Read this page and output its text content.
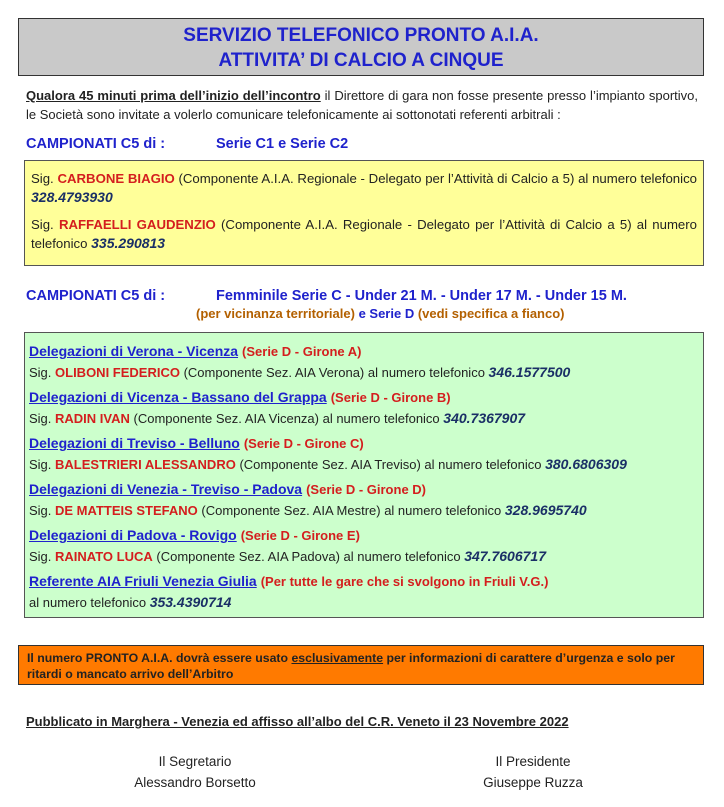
SERVIZIO TELEFONICO PRONTO A.I.A.
ATTIVITA’ DI CALCIO A CINQUE
Qualora 45 minuti prima dell’inizio dell’incontro il Direttore di gara non fosse presente presso l’impianto sportivo, le Società sono invitate a volerlo comunicare telefonicamente ai sottonotati referenti arbitrali :
CAMPIONATI C5 di :	Serie C1 e Serie C2

Sig. CARBONE BIAGIO (Componente A.I.A. Regionale - Delegato per l’Attività di Calcio a 5) al numero telefonico 328.4793930

Sig. RAFFAELLI GAUDENZIO (Componente A.I.A. Regionale - Delegato per l’Attività di Calcio a 5) al numero telefonico 335.290813

CAMPIONATI C5 di :	Femminile Serie C - Under 21 M. - Under 17 M. - Under 15 M.
(per vicinanza territoriale) e Serie D (vedi specifica a fianco)
Delegazioni di Verona - Vicenza (Serie D - Girone A)
Sig. OLIBONI FEDERICO (Componente Sez. AIA Verona) al numero telefonico 346.1577500
Delegazioni di Vicenza - Bassano del Grappa (Serie D - Girone B)
Sig. RADIN IVAN (Componente Sez. AIA Vicenza) al numero telefonico 340.7367907
Delegazioni di Treviso - Belluno (Serie D - Girone C)
Sig. BALESTRIERI ALESSANDRO (Componente Sez. AIA Treviso) al numero telefonico 380.6806309
Delegazioni di Venezia - Treviso - Padova (Serie D - Girone D)
Sig. DE MATTEIS STEFANO (Componente Sez. AIA Mestre) al numero telefonico 328.9695740
Delegazioni di Padova - Rovigo (Serie D - Girone E)
Sig. RAINATO LUCA (Componente Sez. AIA Padova) al numero telefonico 347.7606717
Referente AIA Friuli Venezia Giulia (Per tutte le gare che si svolgono in Friuli V.G.)
al numero telefonico 353.4390714
Il numero PRONTO A.I.A. dovrà essere usato esclusivamente per informazioni di carattere d’urgenza e solo per ritardi o mancato arrivo dell’Arbitro
Pubblicato in Marghera - Venezia ed affisso all’albo del C.R. Veneto il 23 Novembre 2022
Il Segretario
Alessandro Borsetto
Il Presidente
Giuseppe Ruzza
